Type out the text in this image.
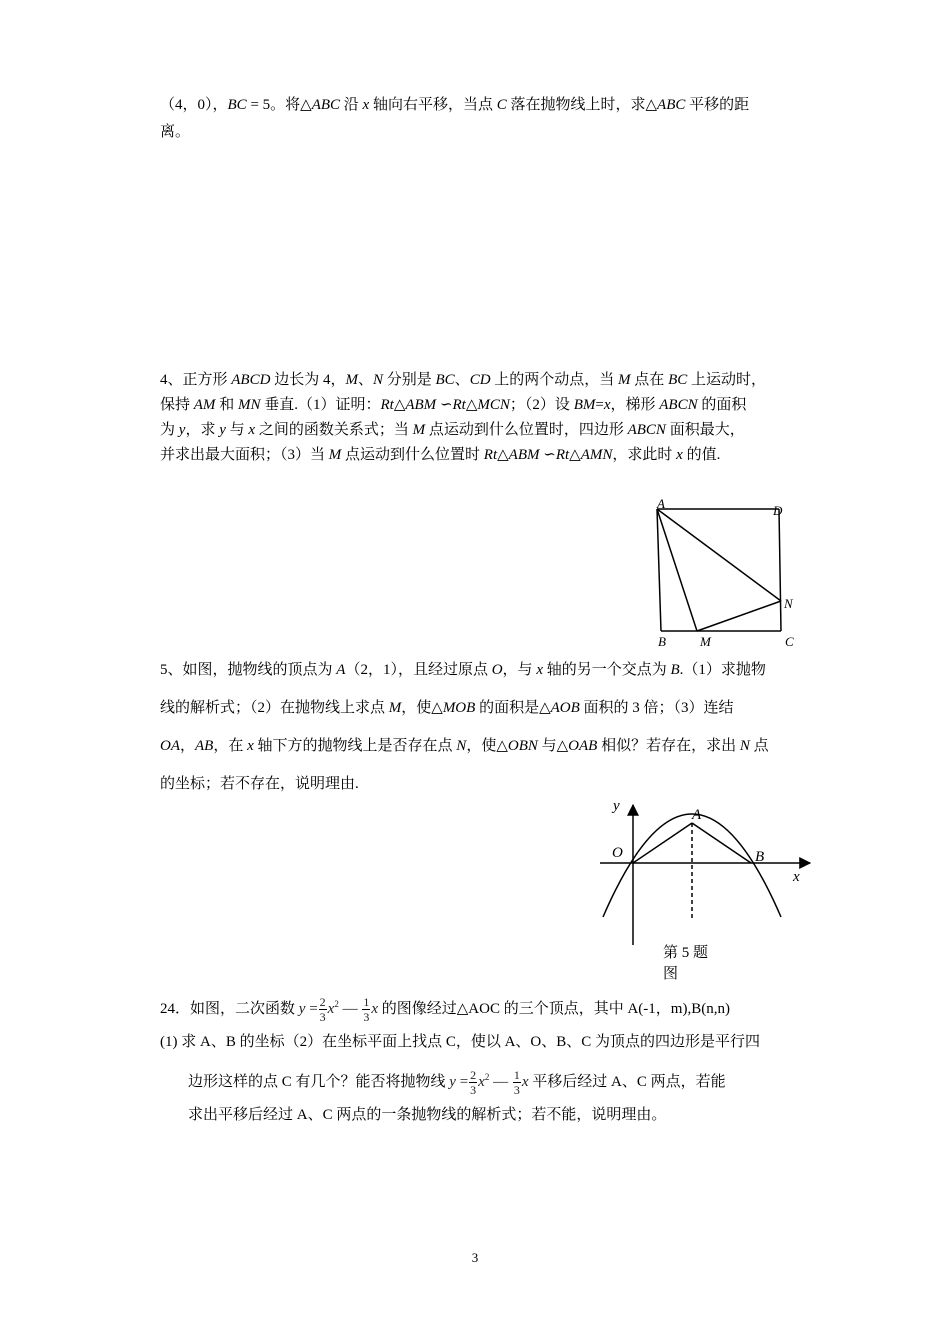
（4，0），BC = 5。将△ABC 沿 x 轴向右平移，当点 C 落在抛物线上时，求△ABC 平移的距
离。
4、正方形 ABCD 边长为 4，M、N 分别是 BC、CD 上的两个动点，当 M 点在 BC 上运动时，
保持 AM 和 MN 垂直.（1）证明：Rt△ABM ∽Rt△MCN；（2）设 BM=x，梯形 ABCN 的面积
为 y，求 y 与 x 之间的函数关系式；当 M 点运动到什么位置时，四边形 ABCN 面积最大，
并求出最大面积；（3）当 M 点运动到什么位置时 Rt△ABM ∽Rt△AMN，求此时 x 的值.
A	D
N
B	M	C
5、如图，抛物线的顶点为 A（2，1），且经过原点 O，与 x 轴的另一个交点为 B.（1）求抛物
线的解析式；（2）在抛物线上求点 M，使△MOB 的面积是△AOB 面积的 3 倍；（3）连结
OA，AB，在 x 轴下方的抛物线上是否存在点 N，使△OBN 与△OAB 相似？若存在，求出 N 点
的坐标；若不存在，说明理由.
y
A
O	B
x
第 5 题
图
24．如图，二次函数 $y = \frac{2}{3} x^2$ — $\frac{1}{3}$ x 的图像经过△AOC 的三个顶点，其中 A(-1，m),B(n,n)
(1) 求 A、B 的坐标（2）在坐标平面上找点 C，使以 A、O、B、C 为顶点的四边形是平行四
边形这样的点 C 有几个？能否将抛物线 $y = \frac{2}{3} x^2$ — $\frac{1}{3}$ x 平移后经过 A、C 两点，若能
求出平移后经过 A、C 两点的一条抛物线的解析式；若不能，说明理由。
3
